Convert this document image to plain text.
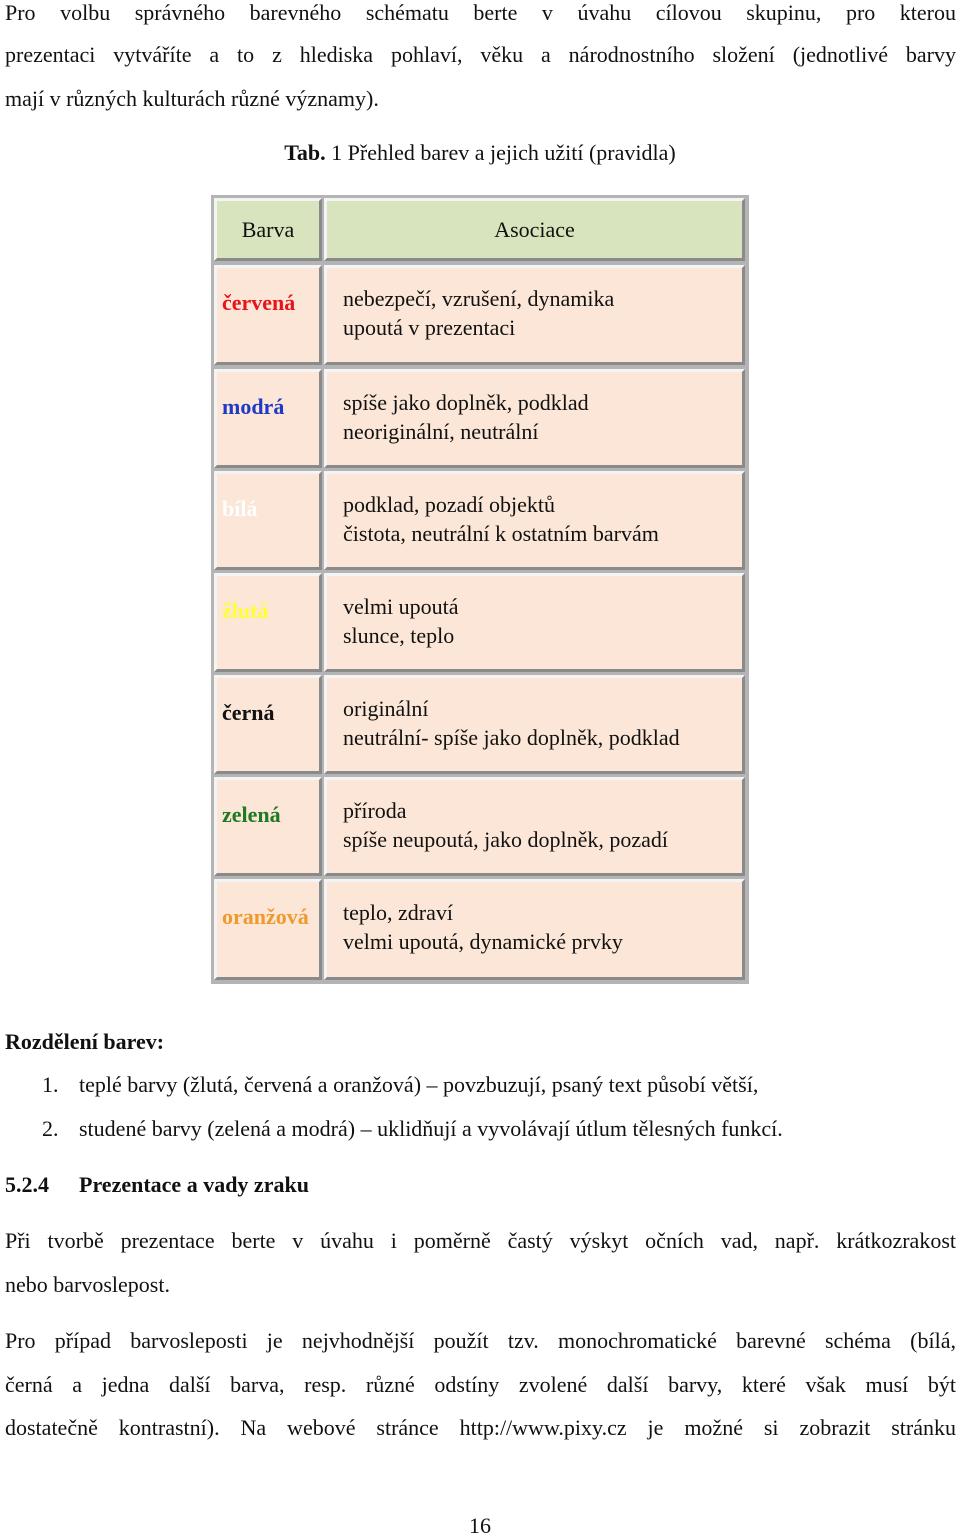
Pro volbu správného barevného schématu berte v úvahu cílovou skupinu, pro kterou

prezentaci vytváříte a to z hlediska pohlaví, věku a národnostního složení (jednotlivé barvy

mají v různých kulturách různé významy).

Tab. 1 Přehled barev a jejich užití (pravidla)

Barva	Asociace
červená nebezpečí, vzrušení, dynamika
upoutá v prezentaci
modrá	spíše jako doplněk, podklad
neoriginální, neutrální
bílá	podklad, pozadí objektů
čistota, neutrální k ostatním barvám
žlutá	velmi upoutá
slunce, teplo
černá	originální
neutrální- spíše jako doplněk, podklad
zelená	příroda
spíše neupoutá, jako doplněk, pozadí
oranžová teplo, zdraví
velmi upoutá, dynamické prvky

Rozdělení barev:

1. teplé barvy (žlutá, červená a oranžová) – povzbuzují, psaný text působí větší,

2. studené barvy (zelená a modrá) – uklidňují a vyvolávají útlum tělesných funkcí.

5.2.4 Prezentace a vady zraku

Při tvorbě prezentace berte v úvahu i poměrně častý výskyt očních vad, např. krátkozrakost

nebo barvoslepost.

Pro případ barvosleposti je nejvhodnější použít tzv. monochromatické barevné schéma (bílá,

černá a jedna další barva, resp. různé odstíny zvolené další barvy, které však musí být

dostatečně kontrastní). Na webové stránce http://www.pixy.cz je možné si zobrazit stránku

16
